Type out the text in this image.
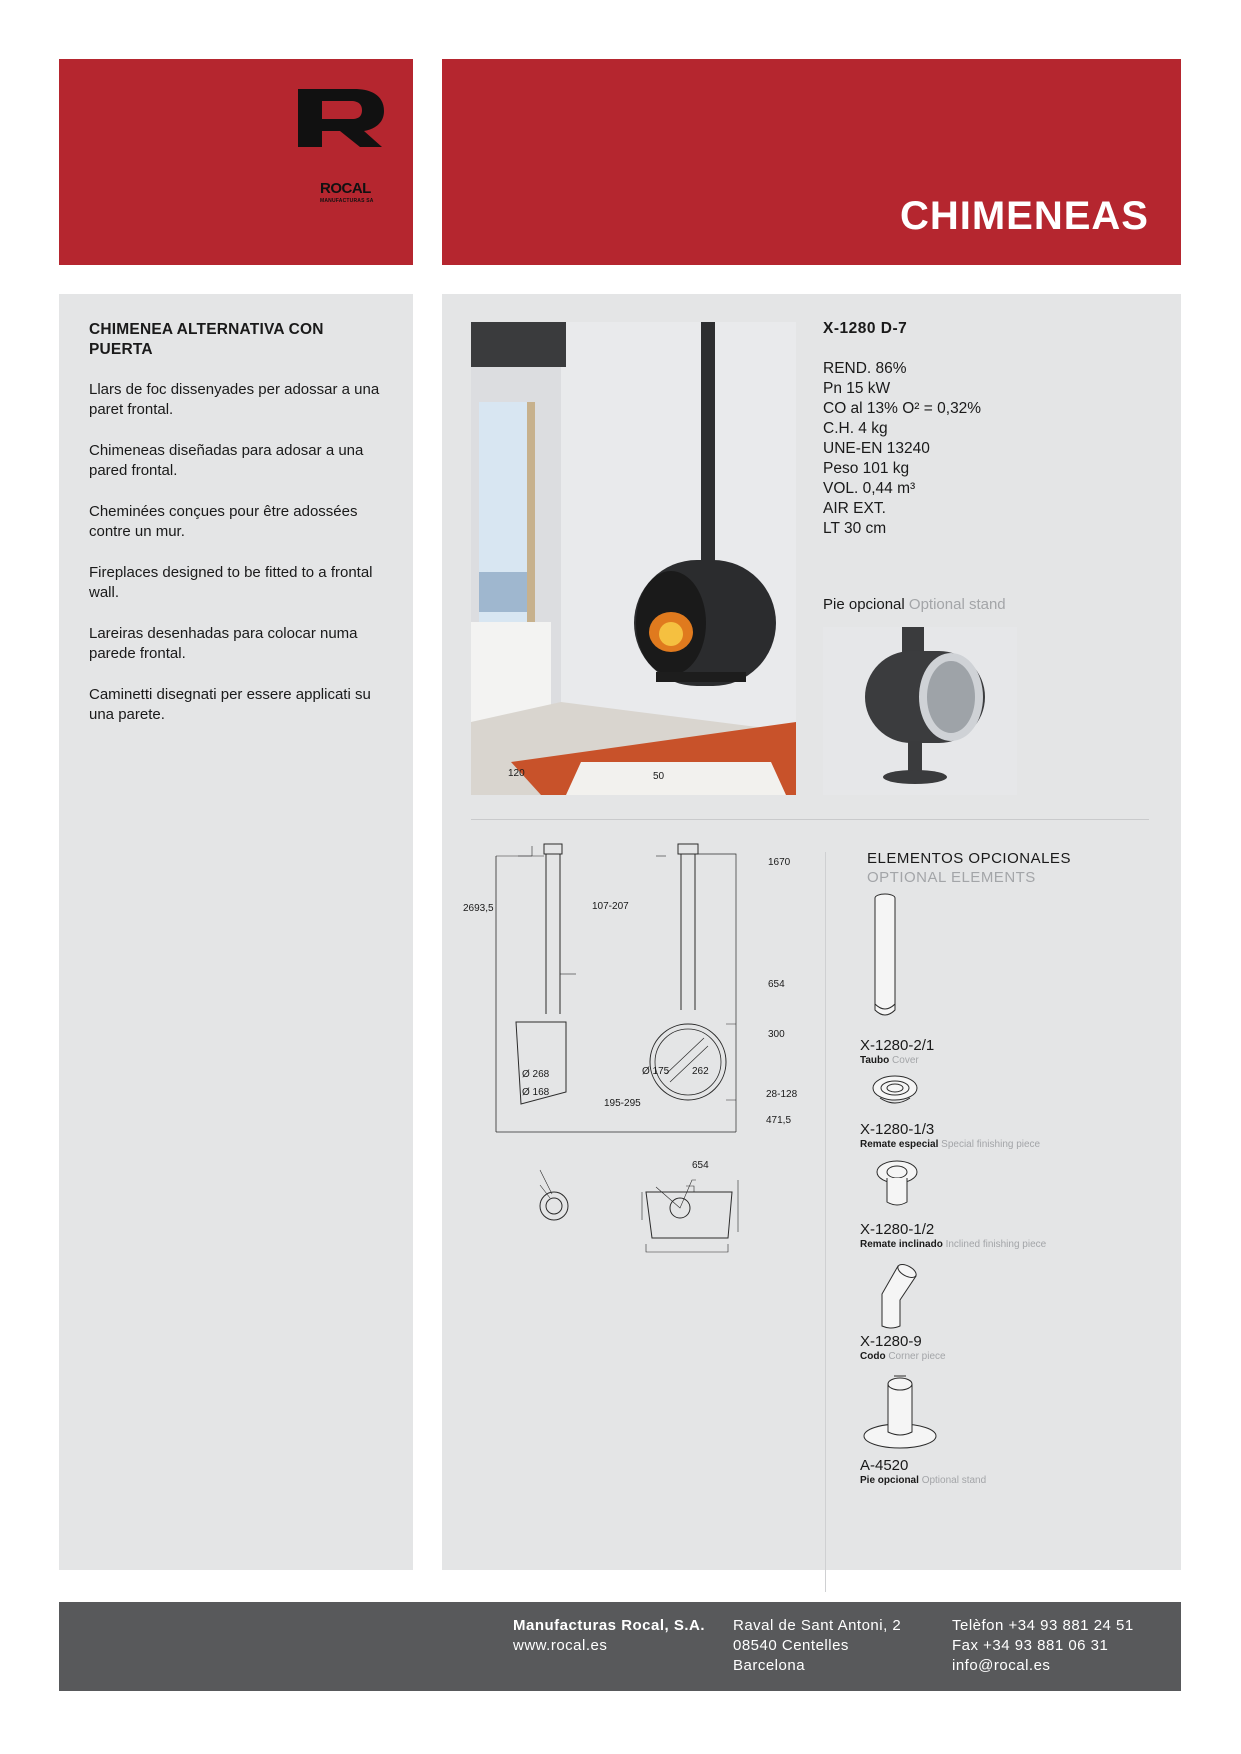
ROCAL
MANUFACTURAS SA	CHIMENEAS
CHIMENEA ALTERNATIVA CON PUERTA

Llars de foc dissenyades per adossar a una paret frontal.

Chimeneas diseñadas para adosar a una pared frontal.

Cheminées conçues pour être adossées contre un mur.

Fireplaces designed to be fitted to a frontal wall.

Lareiras desenhadas para colocar numa parede frontal.

Caminetti disegnati per essere applicati su una parete.

X-1280 D-7
REND. 86%
Pn 15 kW
CO al 13% O² = 0,32%
C.H. 4 kg
UNE-EN 13240
Peso 101 kg
VOL. 0,44 m³
AIR EXT.
LT 30 cm
Pie opcional Optional stand
120	50
1670
2693,5	107-207
654
300
Ø 268
Ø 168
Ø 175 262
28-128
195-295
471,5
654
ELEMENTOS OPCIONALES
OPTIONAL ELEMENTS
X-1280-2/1
Taubo Cover
X-1280-1/3
Remate especial Special finishing piece
X-1280-1/2
Remate inclinado Inclined finishing piece
X-1280-9
Codo Corner piece
A-4520
Pie opcional Optional stand
Manufacturas Rocal, S.A.
www.rocal.es
Raval de Sant Antoni, 2
08540 Centelles
Barcelona
Telèfon +34 93 881 24 51
Fax +34 93 881 06 31
info@rocal.es
